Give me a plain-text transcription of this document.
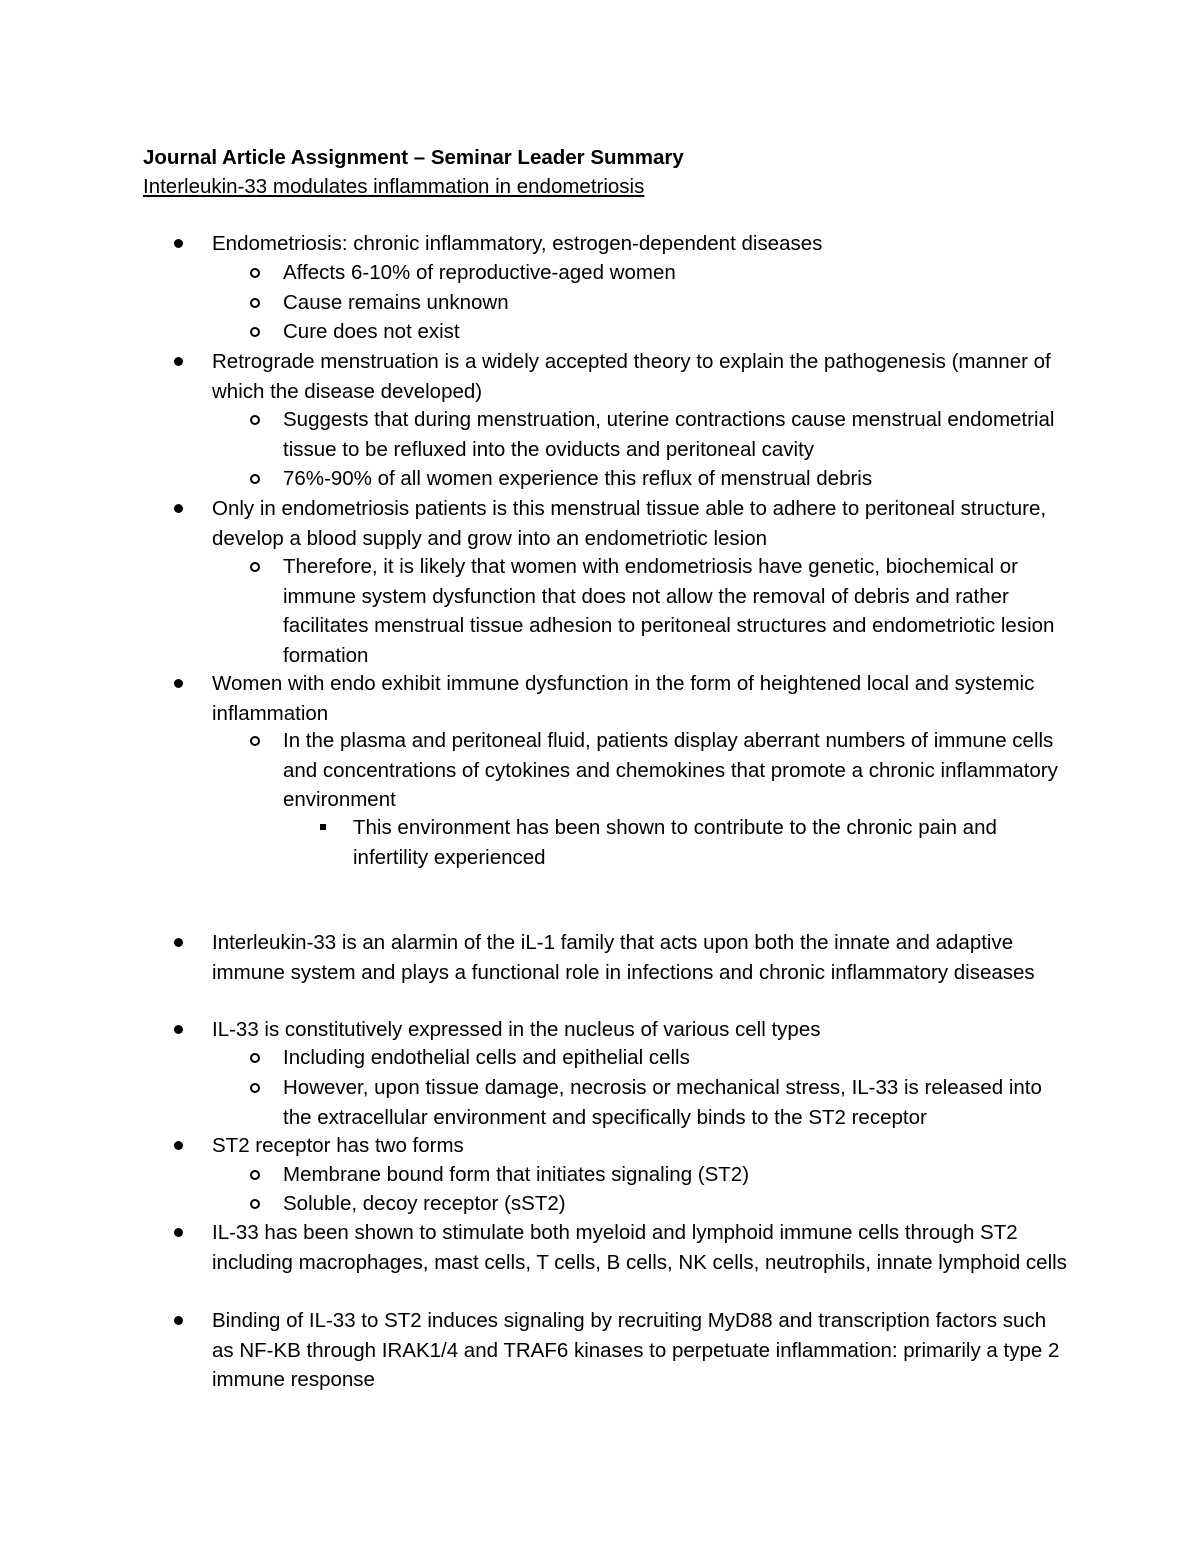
Journal Article Assignment – Seminar Leader Summary
Interleukin-33 modulates inflammation in endometriosis
Endometriosis: chronic inflammatory, estrogen-dependent diseases
Affects 6-10% of reproductive-aged women
Cause remains unknown
Cure does not exist
Retrograde menstruation is a widely accepted theory to explain the pathogenesis (manner of which the disease developed)
Suggests that during menstruation, uterine contractions cause menstrual endometrial tissue to be refluxed into the oviducts and peritoneal cavity
76%-90% of all women experience this reflux of menstrual debris
Only in endometriosis patients is this menstrual tissue able to adhere to peritoneal structure, develop a blood supply and grow into an endometriotic lesion
Therefore, it is likely that women with endometriosis have genetic, biochemical or immune system dysfunction that does not allow the removal of debris and rather facilitates menstrual tissue adhesion to peritoneal structures and endometriotic lesion formation
Women with endo exhibit immune dysfunction in the form of heightened local and systemic inflammation
In the plasma and peritoneal fluid, patients display aberrant numbers of immune cells and concentrations of cytokines and chemokines that promote a chronic inflammatory environment
This environment has been shown to contribute to the chronic pain and infertility experienced
Interleukin-33 is an alarmin of the iL-1 family that acts upon both the innate and adaptive immune system and plays a functional role in infections and chronic inflammatory diseases
IL-33 is constitutively expressed in the nucleus of various cell types
Including endothelial cells and epithelial cells
However, upon tissue damage, necrosis or mechanical stress, IL-33 is released into the extracellular environment and specifically binds to the ST2 receptor
ST2 receptor has two forms
Membrane bound form that initiates signaling (ST2)
Soluble, decoy receptor (sST2)
IL-33 has been shown to stimulate both myeloid and lymphoid immune cells through ST2 including macrophages, mast cells, T cells, B cells, NK cells, neutrophils, innate lymphoid cells
Binding of IL-33 to ST2 induces signaling by recruiting MyD88 and transcription factors such as NF-KB through IRAK1/4 and TRAF6 kinases to perpetuate inflammation: primarily a type 2 immune response
